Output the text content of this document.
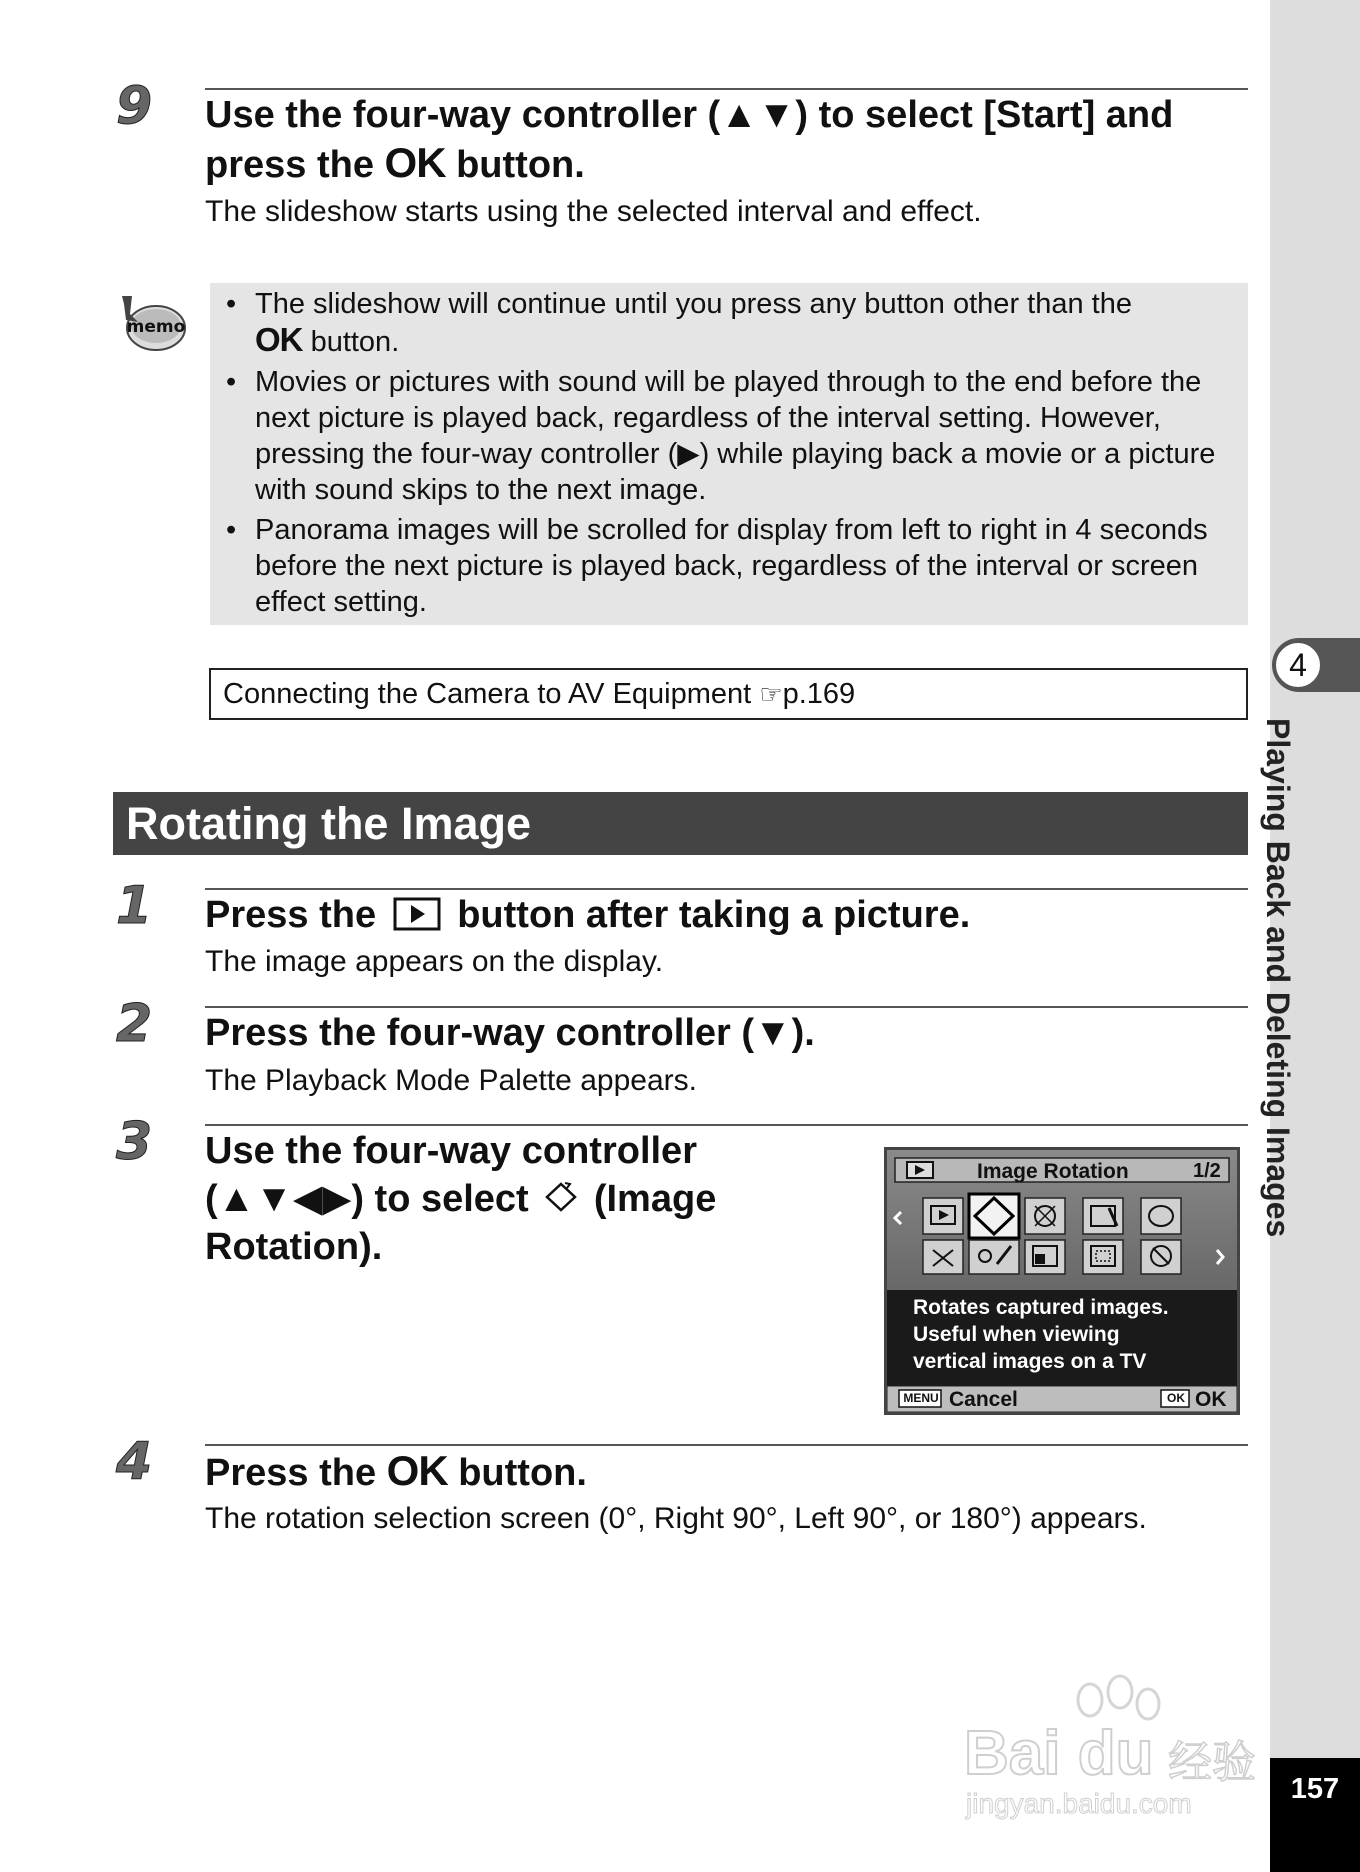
4
Playing Back and Deleting Images
157
9 Use the four-way controller (▲▼) to select [Start] and
press the OK button.
The slideshow starts using the selected interval and effect.
memo
• The slideshow will continue until you press any button other than the
OK button.
• Movies or pictures with sound will be played through to the end before the next picture is played back, regardless of the interval setting. However, pressing the four-way controller (▶) while playing back a movie or a picture with sound skips to the next image.
• Panorama images will be scrolled for display from left to right in 4 seconds before the next picture is played back, regardless of the interval or screen effect setting.
Connecting the Camera to AV Equipment ☞p.169
Rotating the Image
1 Press the button after taking a picture.
The image appears on the display.
2 Press the four-way controller (▼).
The Playback Mode Palette appears.
3 Use the four-way controller
(▲▼◀▶) to select (Image
Rotation).
Image Rotation	1/2
Rotates captured images.
Useful when viewing
vertical images on a TV
MENU Cancel	OK OK
4 Press the OK button.
The rotation selection screen (0°, Right 90°, Left 90°, or 180°) appears.
Bai du 经验
jingyan.baidu.com
